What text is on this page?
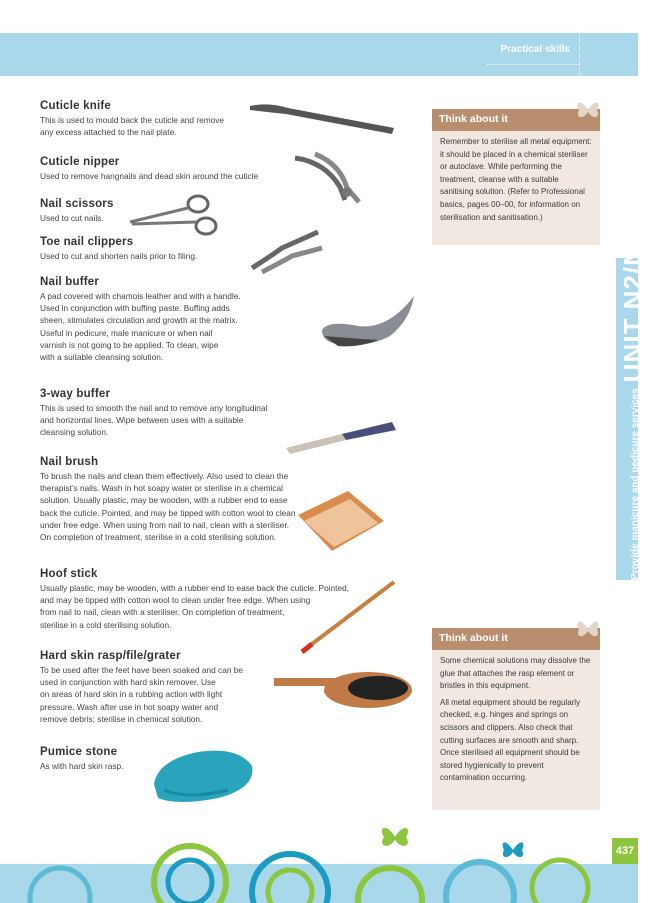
Practical skills
Provide manicure and pedicure servicesUNIT N2/N3
Cuticle knife

This is used to mould back the cuticle and remove
any excess attached to the nail plate.

Cuticle nipper

Used to remove hangnails and dead skin around the cuticle

Nail scissors

Used to cut nails.

Toe nail clippers

Used to cut and shorten nails prior to filing.

Nail buffer

A pad covered with chamois leather and with a handle.
Used in conjunction with buffing paste. Buffing adds
sheen, stimulates circulation and growth at the matrix.
Useful in pedicure, male manicure or when nail
varnish is not going to be applied. To clean, wipe
with a suitable cleansing solution.

3-way buffer

This is used to smooth the nail and to remove any longitudinal
and horizontal lines. Wipe between uses with a suitable
cleansing solution.

Nail brush

To brush the nails and clean them effectively. Also used to clean the
therapist’s nails. Wash in hot soapy water or sterilise in a chemical
solution. Usually plastic, may be wooden, with a rubber end to ease
back the cuticle. Pointed, and may be tipped with cotton wool to clean
under free edge. When using from nail to nail, clean with a steriliser.
On completion of treatment, sterilise in a cold sterilising solution.

Hoof stick

Usually plastic, may be wooden, with a rubber end to ease back the cuticle. Pointed,
and may be tipped with cotton wool to clean under free edge. When using
from nail to nail, clean with a steriliser. On completion of treatment,
sterilise in a cold sterilising solution.

Hard skin rasp/file/grater

To be used after the feet have been soaked and can be
used in conjunction with hard skin remover. Use
on areas of hard skin in a rubbing action with light
pressure. Wash after use in hot soapy water and
remove debris; sterilise in chemical solution.

Pumice stone

As with hard skin rasp.

Think about it

Remember to sterilise all metal equipment: it should be placed in a chemical steriliser or autoclave. While performing the treatment, cleanse with a suitable sanitising solution. (Refer to Professional basics, pages 00–00, for information on sterilisation and sanitisation.)

Think about it

Some chemical solutions may dissolve the glue that attaches the rasp element or bristles in this equipment.

All metal equipment should be regularly checked, e.g. hinges and springs on scissors and clippers. Also check that cutting surfaces are smooth and sharp. Once sterilised all equipment should be stored hygienically to prevent contamination occurring.

437
